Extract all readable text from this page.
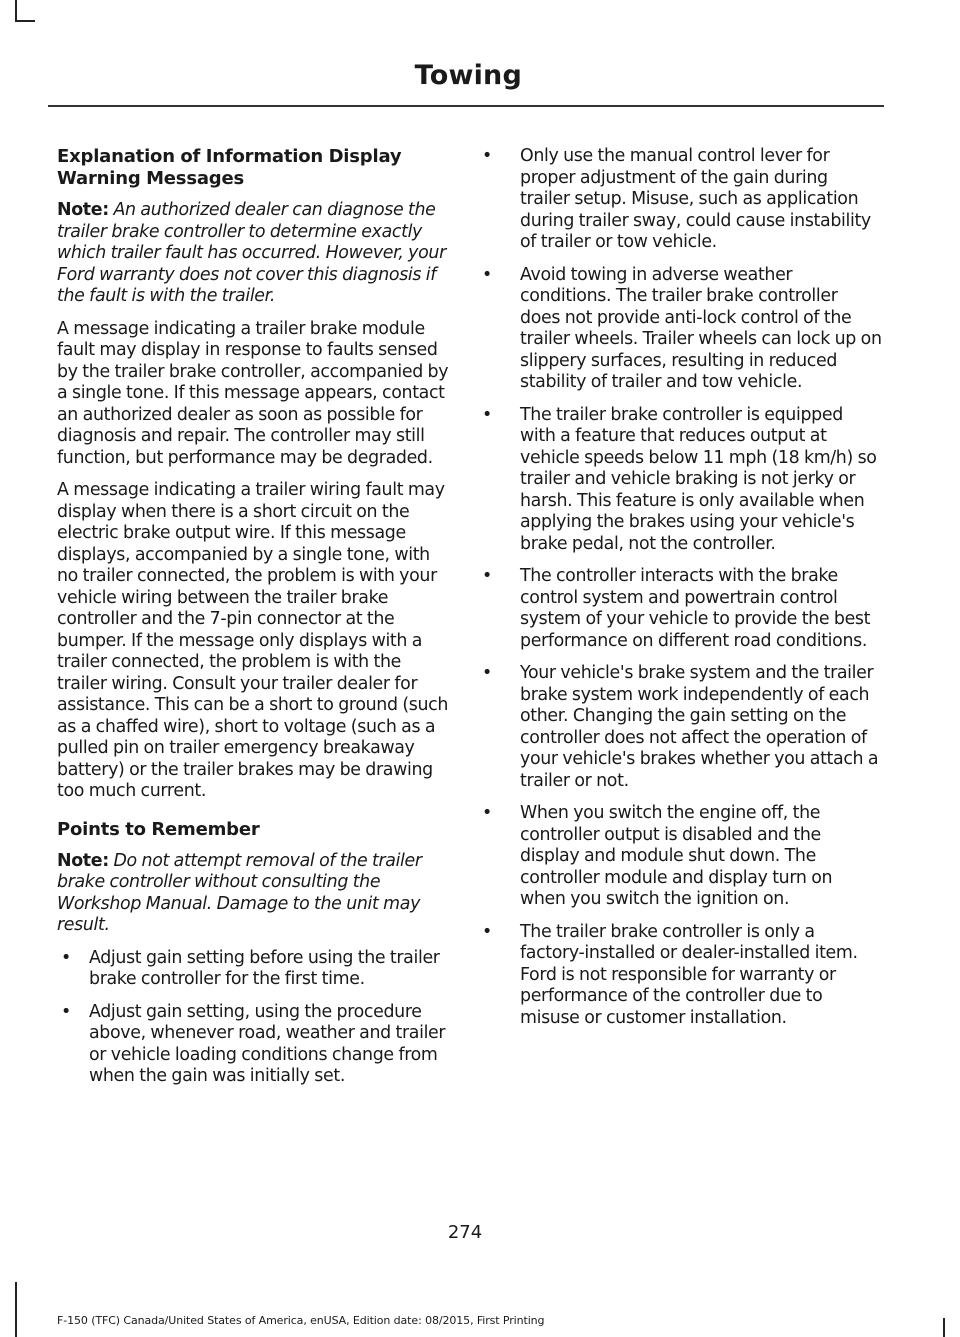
Towing
Explanation of Information Display Warning Messages

Note: An authorized dealer can diagnose the trailer brake controller to determine exactly which trailer fault has occurred. However, your Ford warranty does not cover this diagnosis if the fault is with the trailer.

A message indicating a trailer brake module fault may display in response to faults sensed by the trailer brake controller, accompanied by a single tone. If this message appears, contact an authorized dealer as soon as possible for diagnosis and repair. The controller may still function, but performance may be degraded.

A message indicating a trailer wiring fault may display when there is a short circuit on the electric brake output wire. If this message displays, accompanied by a single tone, with no trailer connected, the problem is with your vehicle wiring between the trailer brake controller and the 7-pin connector at the bumper. If the message only displays with a trailer connected, the problem is with the trailer wiring. Consult your trailer dealer for assistance. This can be a short to ground (such as a chaffed wire), short to voltage (such as a pulled pin on trailer emergency breakaway battery) or the trailer brakes may be drawing too much current.

Points to Remember

Note: Do not attempt removal of the trailer brake controller without consulting the Workshop Manual. Damage to the unit may result.

• Adjust gain setting before using the trailer brake controller for the first time.
• Adjust gain setting, using the procedure above, whenever road, weather and trailer or vehicle loading conditions change from when the gain was initially set.
• Only use the manual control lever for proper adjustment of the gain during trailer setup. Misuse, such as application during trailer sway, could cause instability of trailer or tow vehicle.
• Avoid towing in adverse weather conditions. The trailer brake controller does not provide anti-lock control of the trailer wheels. Trailer wheels can lock up on slippery surfaces, resulting in reduced stability of trailer and tow vehicle.
• The trailer brake controller is equipped with a feature that reduces output at vehicle speeds below 11 mph (18 km/h) so trailer and vehicle braking is not jerky or harsh. This feature is only available when applying the brakes using your vehicle's brake pedal, not the controller.
• The controller interacts with the brake control system and powertrain control system of your vehicle to provide the best performance on different road conditions.
• Your vehicle's brake system and the trailer brake system work independently of each other. Changing the gain setting on the controller does not affect the operation of your vehicle's brakes whether you attach a trailer or not.
• When you switch the engine off, the controller output is disabled and the display and module shut down. The controller module and display turn on when you switch the ignition on.
• The trailer brake controller is only a factory-installed or dealer-installed item. Ford is not responsible for warranty or performance of the controller due to misuse or customer installation.
274
F-150 (TFC) Canada/United States of America, enUSA, Edition date: 08/2015, First Printing
